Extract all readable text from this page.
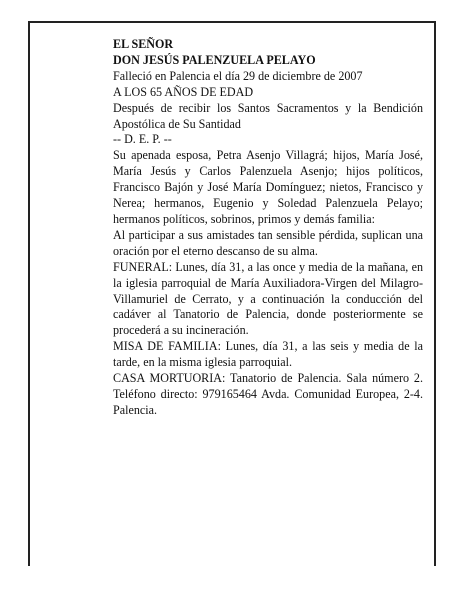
EL SEÑOR

DON JESÚS PALENZUELA PELAYO

Falleció en Palencia el día 29 de diciembre de 2007

A LOS 65 AÑOS DE EDAD

Después de recibir los Santos Sacramentos y la Bendición Apostólica de Su Santidad

-- D. E. P. --

Su apenada esposa, Petra Asenjo Villagrá; hijos, María José, María Jesús y Carlos Palenzuela Asenjo; hijos políticos, Francisco Bajón y José María Domínguez; nietos, Francisco y Nerea; hermanos, Eugenio y Soledad Palenzuela Pelayo; hermanos políticos, sobrinos, primos y demás familia:

Al participar a sus amistades tan sensible pérdida, suplican una oración por el eterno descanso de su alma.

FUNERAL: Lunes, día 31, a las once y media de la mañana, en la iglesia parroquial de María Auxiliadora-Virgen del Milagro-Villamuriel de Cerrato, y a continuación la conducción del cadáver al Tanatorio de Palencia, donde posteriormente se procederá a su incineración.

MISA DE FAMILIA: Lunes, día 31, a las seis y media de la tarde, en la misma iglesia parroquial.

CASA MORTUORIA: Tanatorio de Palencia. Sala número 2. Teléfono directo: 979165464 Avda. Comunidad Europea, 2-4. Palencia.
